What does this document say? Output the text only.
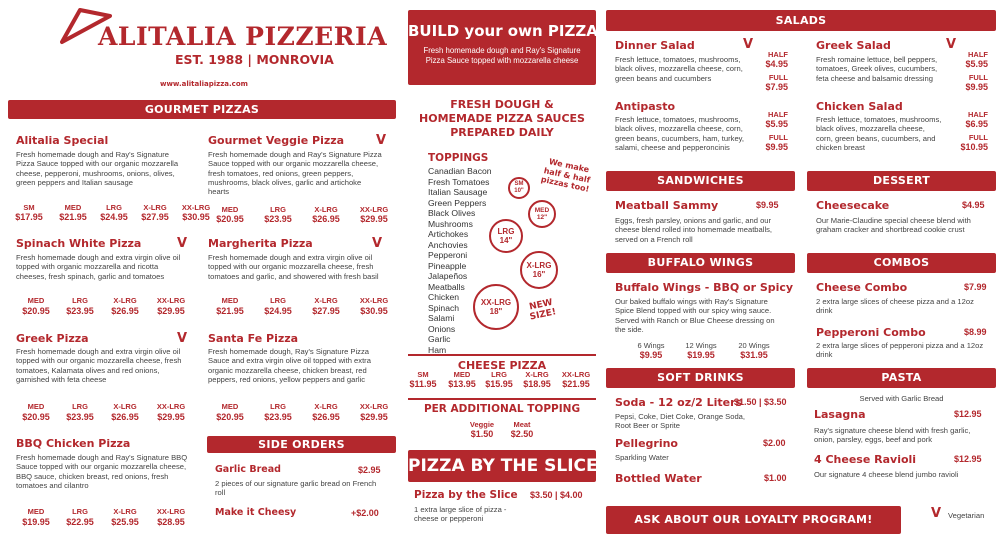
ALITALIA PIZZERIA
EST. 1988 | MONROVIA
www.alitaliapizza.com
GOURMET PIZZAS
Alitalia Special
Fresh homemade dough and Ray's Signature Pizza Sauce topped with our organic mozzarella cheese, pepperoni, mushrooms, onions, olives, green peppers and Italian sausage
SM	MED	LRG	X-LRG	XX-LRG
$17.95	$21.95	$24.95	$27.95	$30.95
Gourmet Veggie Pizza V
Fresh homemade dough and Ray's Signature Pizza Sauce topped with our organic mozzarella cheese, fresh tomatoes, red onions, green peppers, mushrooms, black olives, garlic and artichoke hearts
MED	LRG	X-LRG	XX-LRG
$20.95	$23.95	$26.95	$29.95
Spinach White Pizza	V
Fresh homemade dough and extra virgin olive oil topped with organic mozzarella and ricotta cheeses, fresh spinach, garlic and tomatoes
MED	LRG	X-LRG	XX-LRG
$20.95	$23.95	$26.95	$29.95
Margherita Pizza	V
Fresh homemade dough and extra virgin olive oil topped with our organic mozzarella cheese, fresh tomatoes and garlic, and showered with fresh basil
MED	LRG	X-LRG	XX-LRG
$21.95	$24.95	$27.95	$30.95
Greek Pizza	V
Fresh homemade dough and extra virgin olive oil topped with our organic mozzarella cheese, fresh tomatoes, Kalamata olives and red onions, garnished with feta cheese
MED	LRG	X-LRG	XX-LRG
$20.95	$23.95	$26.95	$29.95
Santa Fe Pizza
Fresh homemade dough, Ray's Signature Pizza Sauce and extra virgin olive oil topped with extra organic mozzarella cheese, chicken breast, red peppers, red onions, yellow peppers and garlic
MED	LRG	X-LRG	XX-LRG
$20.95	$23.95	$26.95	$29.95
BBQ Chicken Pizza
Fresh homemade dough and Ray's Signature BBQ Sauce topped with our organic mozzarella cheese, BBQ sauce, chicken breast, red onions, fresh tomatoes and cilantro
MED	LRG	X-LRG	XX-LRG
$19.95	$22.95	$25.95	$28.95
SIDE ORDERS
Garlic Bread	$2.95
2 pieces of our signature garlic bread on French roll
Make it Cheesy	+$2.00
BUILD your own PIZZA
Fresh homemade dough and Ray's Signature Pizza Sauce topped with mozzarella cheese
FRESH DOUGH &
HOMEMADE PIZZA SAUCES
PREPARED DAILY
TOPPINGS
Canadian Bacon
Fresh Tomatoes
Italian Sausage
Green Peppers
Black Olives
Mushrooms
Artichokes
Anchovies
Pepperoni
Pineapple
Jalapeños
Meatballs
Chicken
Spinach
Salami
Onions
Garlic
Ham
We make half & half pizzas too!
NEW SIZE!
SM
10"
MED
12"
LRG
14"
X-LRG
16"
XX-LRG
18"
CHEESE PIZZA
SM	MED	LRG	X-LRG	XX-LRG
$11.95	$13.95	$15.95	$18.95	$21.95
PER ADDITIONAL TOPPING
Veggie
$1.50
Meat
$2.50
PIZZA BY THE SLICE
Pizza by the Slice $3.50 | $4.00
1 extra large slice of pizza - cheese or pepperoni
SALADS
Dinner Salad	V
Fresh lettuce, tomatoes, mushrooms, black olives, mozzarella cheese, corn, green beans and cucumbers
HALF
$4.95
FULL
$7.95
Greek Salad	V
Fresh romaine lettuce, bell peppers, tomatoes, Greek olives, cucumbers, feta cheese and balsamic dressing
HALF
$5.95
FULL
$9.95
Antipasto
Fresh lettuce, tomatoes, mushrooms, black olives, mozzarella cheese, corn, green beans, cucumbers, ham, turkey, salami, cheese and pepperoncinis
HALF
$5.95
FULL
$9.95
Chicken Salad
Fresh lettuce, tomatoes, mushrooms, black olives, mozzarella cheese, corn, green beans, cucumbers, and chicken breast
HALF
$6.95
FULL
$10.95
SANDWICHES	DESSERT
Meatball Sammy	$9.95
Eggs, fresh parsley, onions and garlic, and our cheese blend rolled into homemade meatballs, served on a French roll
Cheesecake	$4.95
Our Marie-Claudine special cheese blend with graham cracker and shortbread cookie crust
BUFFALO WINGS	COMBOS
Buffalo Wings - BBQ or Spicy
Our baked buffalo wings with Ray's Signature Spice Blend topped with our spicy wing sauce. Served with Ranch or Blue Cheese dressing on the side.
6 Wings
$9.95
12 Wings
$19.95
20 Wings
$31.95
Cheese Combo	$7.99
2 extra large slices of cheese pizza and a 12oz drink
Pepperoni Combo	$8.99
2 extra large slices of pepperoni pizza and a 12oz drink
SOFT DRINKS	PASTA
Soda - 12 oz/2 Liters
$1.50 | $3.50
Pepsi, Coke, Diet Coke, Orange Soda, Root Beer or Sprite
Pellegrino	$2.00
Sparkling Water
Bottled Water	$1.00
Served with Garlic Bread
Lasagna	$12.95
Ray's signature cheese blend with fresh garlic, onion, parsley, eggs, beef and pork
4 Cheese Ravioli	$12.95
Our signature 4 cheese blend jumbo ravioli
ASK ABOUT OUR LOYALTY PROGRAM!	V Vegetarian
